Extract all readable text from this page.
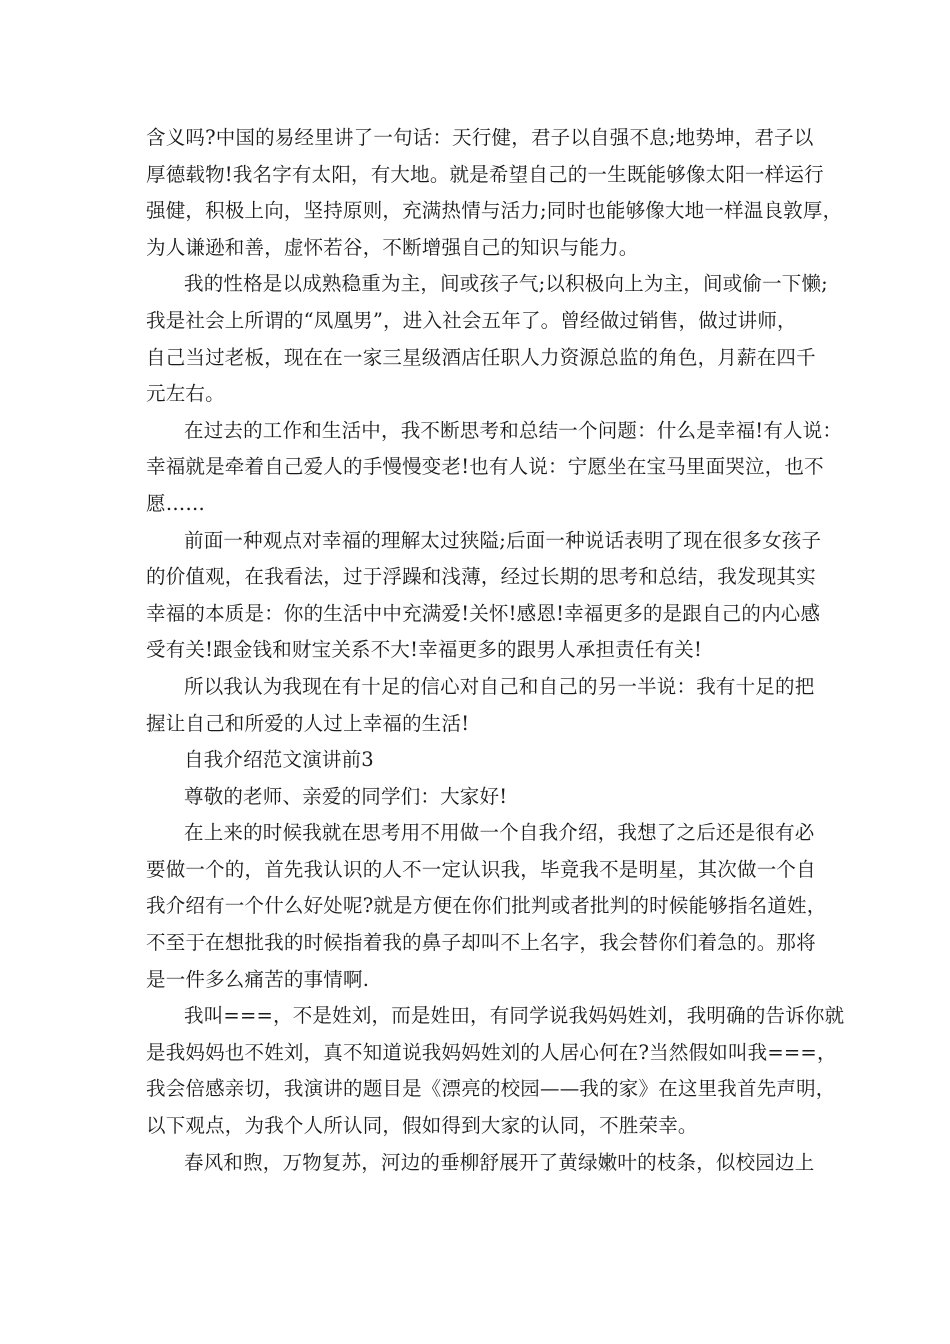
含义吗?中国的易经里讲了一句话：天行健，君子以自强不息;地势坤，君子以
厚德载物!我名字有太阳，有大地。就是希望自己的一生既能够像太阳一样运行
强健，积极上向，坚持原则，充满热情与活力;同时也能够像大地一样温良敦厚，
为人谦逊和善，虚怀若谷，不断增强自己的知识与能力。
我的性格是以成熟稳重为主，间或孩子气;以积极向上为主，间或偷一下懒;
我是社会上所谓的“凤凰男”，进入社会五年了。曾经做过销售，做过讲师，
自己当过老板，现在在一家三星级酒店任职人力资源总监的角色，月薪在四千
元左右。
在过去的工作和生活中，我不断思考和总结一个问题：什么是幸福!有人说：
幸福就是牵着自己爱人的手慢慢变老!也有人说：宁愿坐在宝马里面哭泣，也不
愿……
前面一种观点对幸福的理解太过狭隘;后面一种说话表明了现在很多女孩子
的价值观，在我看法，过于浮躁和浅薄，经过长期的思考和总结，我发现其实
幸福的本质是：你的生活中中充满爱!关怀!感恩!幸福更多的是跟自己的内心感
受有关!跟金钱和财宝关系不大!幸福更多的跟男人承担责任有关!
所以我认为我现在有十足的信心对自己和自己的另一半说：我有十足的把
握让自己和所爱的人过上幸福的生活!
自我介绍范文演讲前3
尊敬的老师、亲爱的同学们：大家好!
在上来的时候我就在思考用不用做一个自我介绍，我想了之后还是很有必
要做一个的，首先我认识的人不一定认识我，毕竟我不是明星，其次做一个自
我介绍有一个什么好处呢?就是方便在你们批判或者批判的时候能够指名道姓，
不至于在想批我的时候指着我的鼻子却叫不上名字，我会替你们着急的。那将
是一件多么痛苦的事情啊.
我叫===，不是姓刘，而是姓田，有同学说我妈妈姓刘，我明确的告诉你就
是我妈妈也不姓刘，真不知道说我妈妈姓刘的人居心何在?当然假如叫我===，
我会倍感亲切，我演讲的题目是《漂亮的校园——我的家》在这里我首先声明，
以下观点，为我个人所认同，假如得到大家的认同，不胜荣幸。
春风和煦，万物复苏，河边的垂柳舒展开了黄绿嫩叶的枝条，似校园边上
